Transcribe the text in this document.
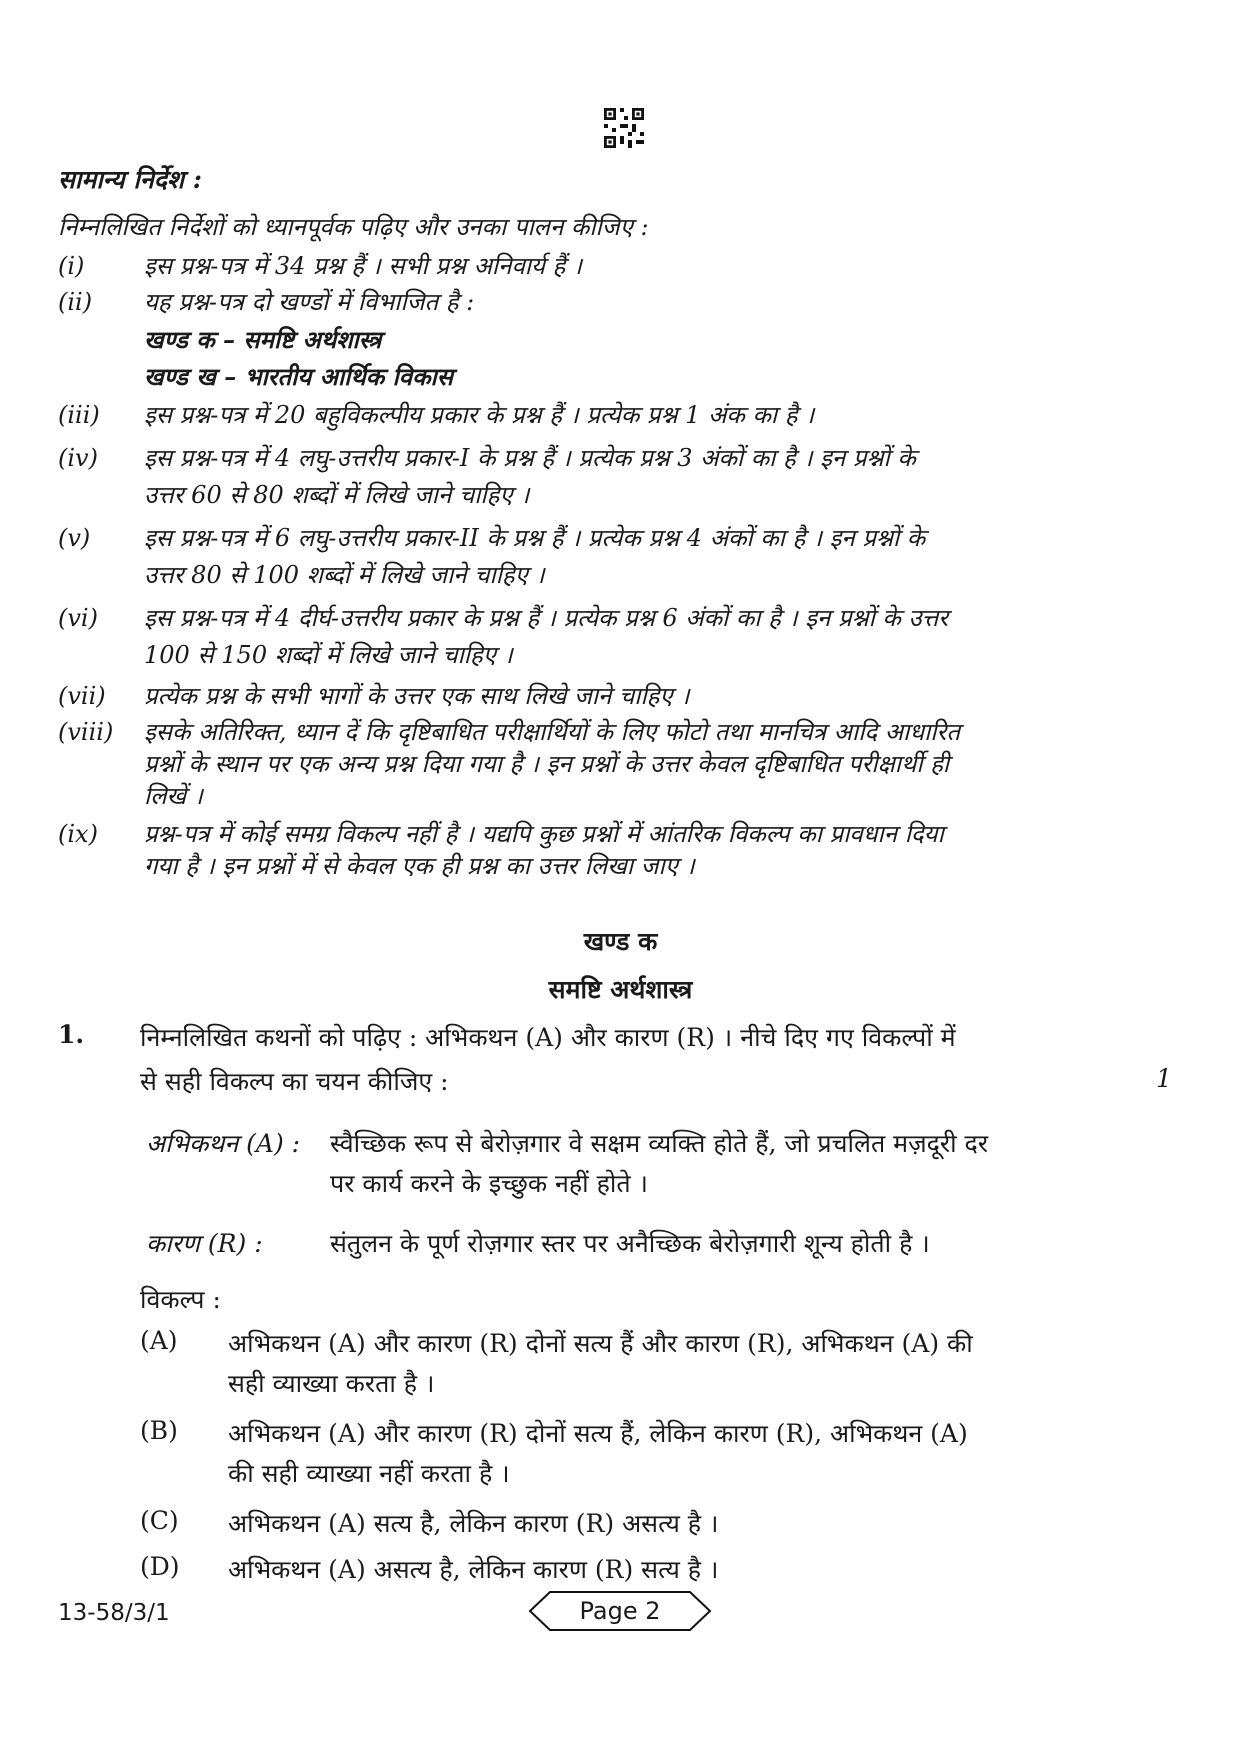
सामान्य निर्देश :
निम्नलिखित निर्देशों को ध्यानपूर्वक पढ़िए और उनका पालन कीजिए :
(i) इस प्रश्न-पत्र में 34 प्रश्न हैं । सभी प्रश्न अनिवार्य हैं ।
(ii) यह प्रश्न-पत्र दो खण्डों में विभाजित है :
खण्ड क – समष्टि अर्थशास्त्र
खण्ड ख – भारतीय आर्थिक विकास
(iii) इस प्रश्न-पत्र में 20 बहुविकल्पीय प्रकार के प्रश्न हैं । प्रत्येक प्रश्न 1 अंक का है ।
(iv) इस प्रश्न-पत्र में 4 लघु-उत्तरीय प्रकार-I के प्रश्न हैं । प्रत्येक प्रश्न 3 अंकों का है । इन प्रश्नों के
उत्तर 60 से 80 शब्दों में लिखे जाने चाहिए ।
(v) इस प्रश्न-पत्र में 6 लघु-उत्तरीय प्रकार-II के प्रश्न हैं । प्रत्येक प्रश्न 4 अंकों का है । इन प्रश्नों के
उत्तर 80 से 100 शब्दों में लिखे जाने चाहिए ।
(vi) इस प्रश्न-पत्र में 4 दीर्घ-उत्तरीय प्रकार के प्रश्न हैं । प्रत्येक प्रश्न 6 अंकों का है । इन प्रश्नों के उत्तर
100 से 150 शब्दों में लिखे जाने चाहिए ।
(vii) प्रत्येक प्रश्न के सभी भागों के उत्तर एक साथ लिखे जाने चाहिए ।
(viii) इसके अतिरिक्त, ध्यान दें कि दृष्टिबाधित परीक्षार्थियों के लिए फोटो तथा मानचित्र आदि आधारित
प्रश्नों के स्थान पर एक अन्य प्रश्न दिया गया है । इन प्रश्नों के उत्तर केवल दृष्टिबाधित परीक्षार्थी ही
लिखें ।
(ix) प्रश्न-पत्र में कोई समग्र विकल्प नहीं है । यद्यपि कुछ प्रश्नों में आंतरिक विकल्प का प्रावधान दिया
गया है । इन प्रश्नों में से केवल एक ही प्रश्न का उत्तर लिखा जाए ।
खण्ड क
समष्टि अर्थशास्त्र
1. निम्नलिखित कथनों को पढ़िए : अभिकथन (A) और कारण (R) । नीचे दिए गए विकल्पों में
से सही विकल्प का चयन कीजिए :	1
अभिकथन (A) : स्वैच्छिक रूप से बेरोज़गार वे सक्षम व्यक्ति होते हैं, जो प्रचलित मज़दूरी दर
पर कार्य करने के इच्छुक नहीं होते ।
कारण (R) :	संतुलन के पूर्ण रोज़गार स्तर पर अनैच्छिक बेरोज़गारी शून्य होती है ।
विकल्प :
(A) अभिकथन (A) और कारण (R) दोनों सत्य हैं और कारण (R), अभिकथन (A) की
सही व्याख्या करता है ।
(B) अभिकथन (A) और कारण (R) दोनों सत्य हैं, लेकिन कारण (R), अभिकथन (A)
की सही व्याख्या नहीं करता है ।
(C) अभिकथन (A) सत्य है, लेकिन कारण (R) असत्य है ।
(D) अभिकथन (A) असत्य है, लेकिन कारण (R) सत्य है ।
13-58/3/1	Page 2
